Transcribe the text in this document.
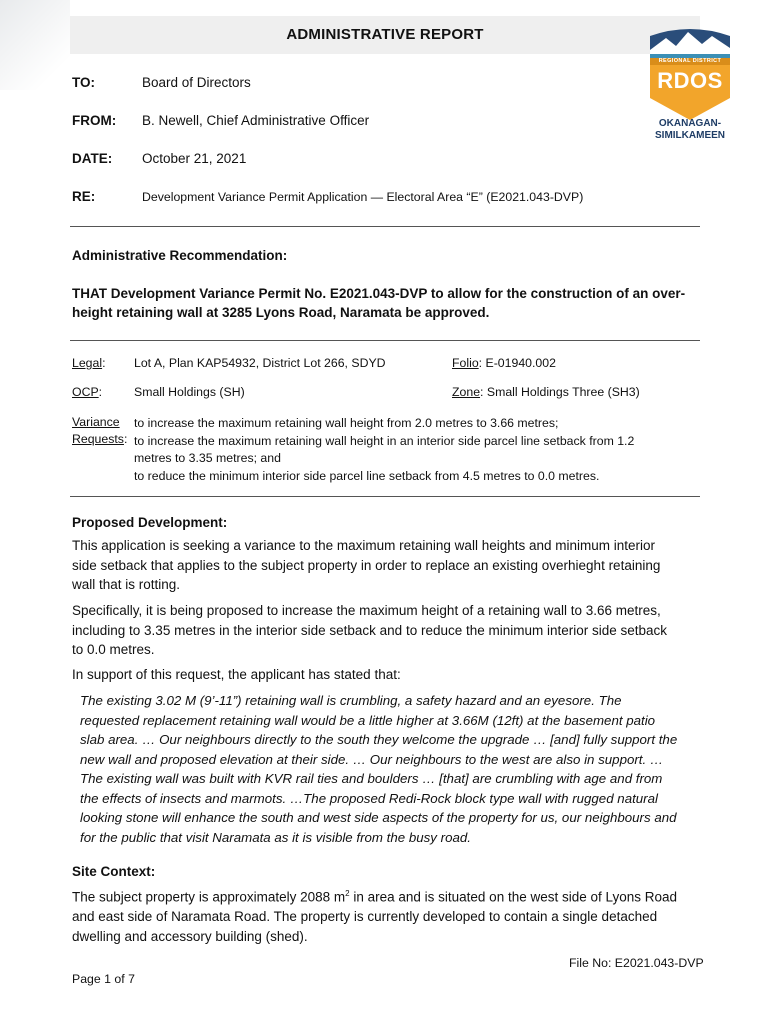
ADMINISTRATIVE REPORT
REGIONAL DISTRICT
RDOS
OKANAGAN-
SIMILKAMEEN
TO:	Board of Directors
FROM: B. Newell, Chief Administrative Officer
DATE: October 21, 2021
RE:	Development Variance Permit Application — Electoral Area “E” (E2021.043-DVP)
Administrative Recommendation:
THAT Development Variance Permit No. E2021.043-DVP to allow for the construction of an over-
height retaining wall at 3285 Lyons Road, Naramata be approved.
Legal: Lot A, Plan KAP54932, District Lot 266, SDYD	Folio: E-01940.002
OCP:	Small Holdings (SH)	Zone: Small Holdings Three (SH3)
Variance
Requests:
to increase the maximum retaining wall height from 2.0 metres to 3.66 metres;
to increase the maximum retaining wall height in an interior side parcel line setback from 1.2
metres to 3.35 metres; and
to reduce the minimum interior side parcel line setback from 4.5 metres to 0.0 metres.
Proposed Development:
This application is seeking a variance to the maximum retaining wall heights and minimum interior
side setback that applies to the subject property in order to replace an existing overhieght retaining
wall that is rotting.
Specifically, it is being proposed to increase the maximum height of a retaining wall to 3.66 metres,
including to 3.35 metres in the interior side setback and to reduce the minimum interior side setback
to 0.0 metres.
In support of this request, the applicant has stated that:
The existing 3.02 M (9’-11”) retaining wall is crumbling, a safety hazard and an eyesore. The
requested replacement retaining wall would be a little higher at 3.66M (12ft) at the basement patio
slab area. … Our neighbours directly to the south they welcome the upgrade … [and] fully support the
new wall and proposed elevation at their side. … Our neighbours to the west are also in support. …
The existing wall was built with KVR rail ties and boulders … [that] are crumbling with age and from
the effects of insects and marmots. …The proposed Redi-Rock block type wall with rugged natural
looking stone will enhance the south and west side aspects of the property for us, our neighbours and
for the public that visit Naramata as it is visible from the busy road.
Site Context:
The subject property is approximately 2088 $m^2$ in area and is situated on the west side of Lyons Road
and east side of Naramata Road. The property is currently developed to contain a single detached
dwelling and accessory building (shed).
File No: E2021.043-DVP
Page 1 of 7
